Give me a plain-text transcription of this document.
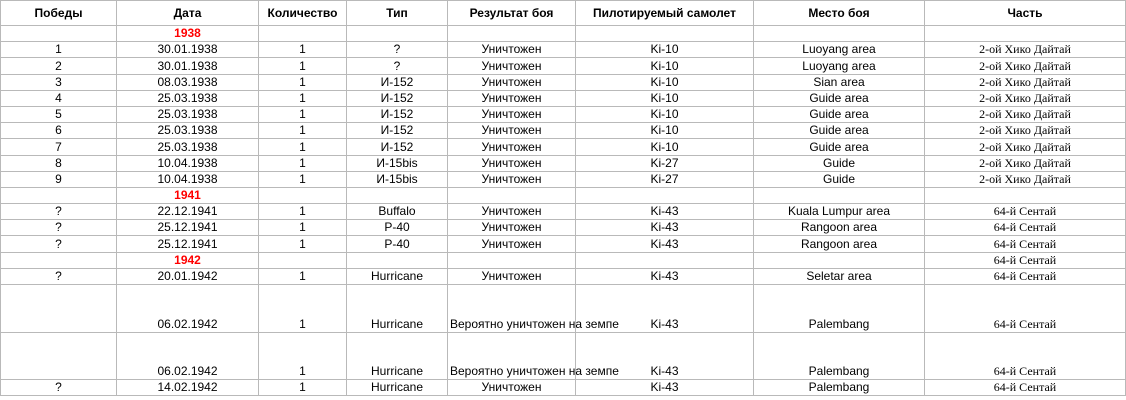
Победы	Дата	Количество	Тип	Результат боя	Пилотируемый самолет	Место боя	Часть
	1938						
1	30.01.1938	1	?	Уничтожен	Ki-10	Luoyang area	2-ой Хико Дайтай
2	30.01.1938	1	?	Уничтожен	Ki-10	Luoyang area	2-ой Хико Дайтай
3	08.03.1938	1	И-152	Уничтожен	Ki-10	Sian area	2-ой Хико Дайтай
4	25.03.1938	1	И-152	Уничтожен	Ki-10	Guide area	2-ой Хико Дайтай
5	25.03.1938	1	И-152	Уничтожен	Ki-10	Guide area	2-ой Хико Дайтай
6	25.03.1938	1	И-152	Уничтожен	Ki-10	Guide area	2-ой Хико Дайтай
7	25.03.1938	1	И-152	Уничтожен	Ki-10	Guide area	2-ой Хико Дайтай
8	10.04.1938	1	И-15bis	Уничтожен	Ki-27	Guide	2-ой Хико Дайтай
9	10.04.1938	1	И-15bis	Уничтожен	Ki-27	Guide	2-ой Хико Дайтай
	1941						
?	22.12.1941	1	Buffalo	Уничтожен	Ki-43	Kuala Lumpur area	64-й Сентай
?	25.12.1941	1	P-40	Уничтожен	Ki-43	Rangoon area	64-й Сентай
?	25.12.1941	1	P-40	Уничтожен	Ki-43	Rangoon area	64-й Сентай
	1942						64-й Сентай
?	20.01.1942	1	Hurricane	Уничтожен	Ki-43	Seletar area	64-й Сентай
	06.02.1942	1	Hurricane	Вероятно уничтожен на земпе	Ki-43	Palembang	64-й Сентай
	06.02.1942	1	Hurricane	Вероятно уничтожен на земпе	Ki-43	Palembang	64-й Сентай
?	14.02.1942	1	Hurricane	Уничтожен	Ki-43	Palembang	64-й Сентай
